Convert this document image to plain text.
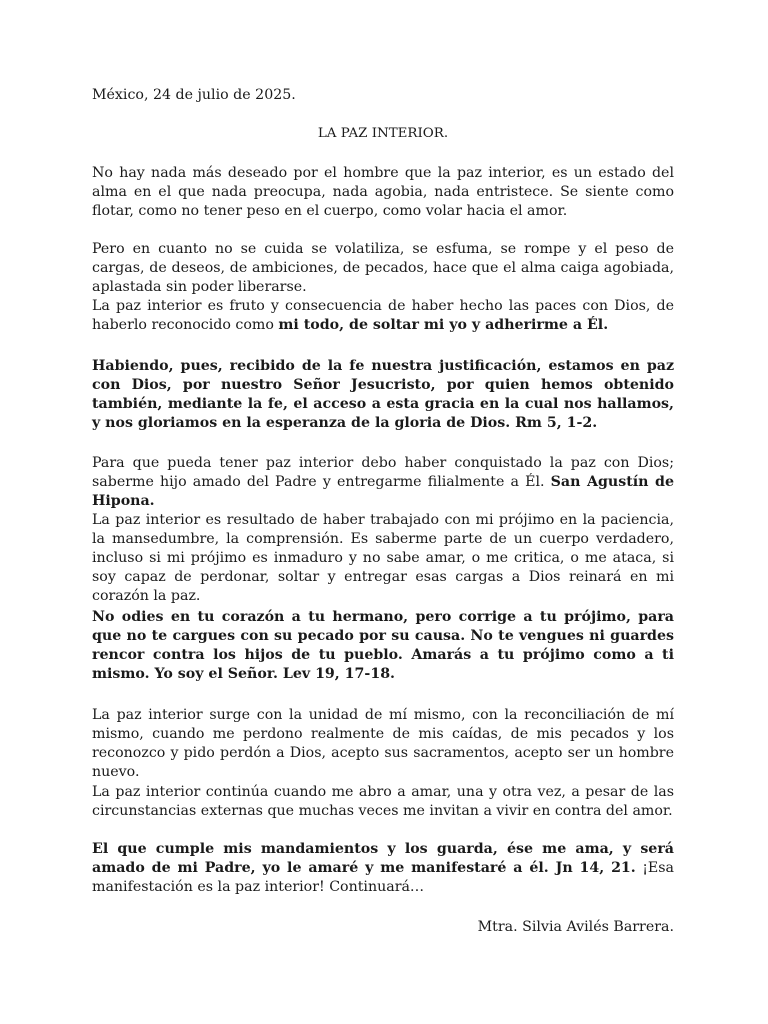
México, 24 de julio de 2025.
LA PAZ INTERIOR.

No hay nada más deseado por el hombre que la paz interior, es un estado del alma en el que nada preocupa, nada agobia, nada entristece. Se siente como flotar, como no tener peso en el cuerpo, como volar hacia el amor.

Pero en cuanto no se cuida se volatiliza, se esfuma, se rompe y el peso de cargas, de deseos, de ambiciones, de pecados, hace que el alma caiga agobiada, aplastada sin poder liberarse.

La paz interior es fruto y consecuencia de haber hecho las paces con Dios, de haberlo reconocido como mi todo, de soltar mi yo y adherirme a Él.

Habiendo, pues, recibido de la fe nuestra justificación, estamos en paz con Dios, por nuestro Señor Jesucristo, por quien hemos obtenido también, mediante la fe, el acceso a esta gracia en la cual nos hallamos, y nos gloriamos en la esperanza de la gloria de Dios. Rm 5, 1-2.

Para que pueda tener paz interior debo haber conquistado la paz con Dios; saberme hijo amado del Padre y entregarme filialmente a Él. San Agustín de Hipona.

La paz interior es resultado de haber trabajado con mi prójimo en la paciencia, la mansedumbre, la comprensión. Es saberme parte de un cuerpo verdadero, incluso si mi prójimo es inmaduro y no sabe amar, o me critica, o me ataca, si soy capaz de perdonar, soltar y entregar esas cargas a Dios reinará en mi corazón la paz.

No odies en tu corazón a tu hermano, pero corrige a tu prójimo, para que no te cargues con su pecado por su causa. No te vengues ni guardes rencor contra los hijos de tu pueblo. Amarás a tu prójimo como a ti mismo. Yo soy el Señor. Lev 19, 17-18.

La paz interior surge con la unidad de mí mismo, con la reconciliación de mí mismo, cuando me perdono realmente de mis caídas, de mis pecados y los reconozco y pido perdón a Dios, acepto sus sacramentos, acepto ser un hombre nuevo.

La paz interior continúa cuando me abro a amar, una y otra vez, a pesar de las circunstancias externas que muchas veces me invitan a vivir en contra del amor.

El que cumple mis mandamientos y los guarda, ése me ama, y será amado de mi Padre, yo le amaré y me manifestaré a él. Jn 14, 21. ¡Esa manifestación es la paz interior! Continuará…

Mtra. Silvia Avilés Barrera.
